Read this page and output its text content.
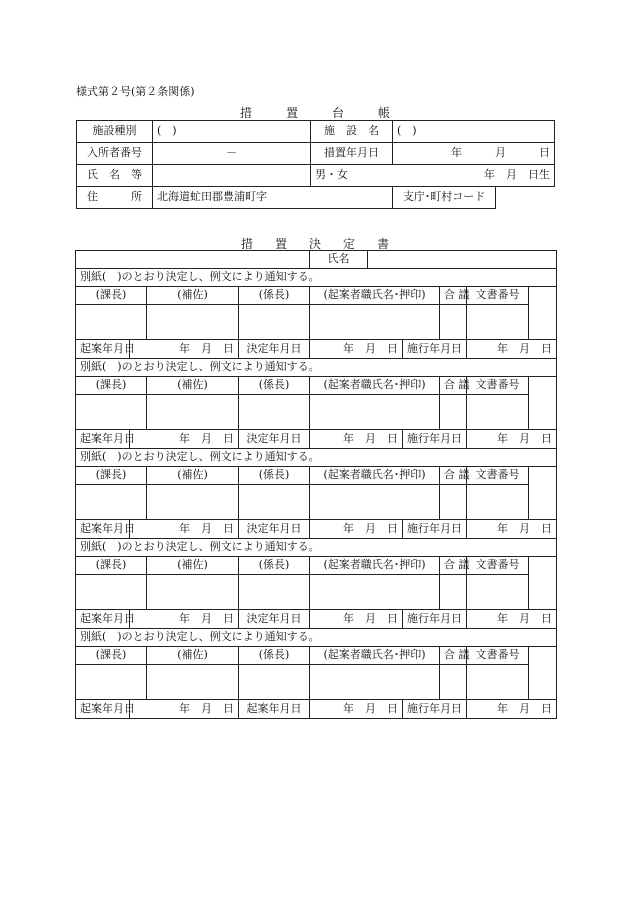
様式第２号(第２条関係)
措	置	台	帳
施設種別	(　)	施　設　名	(　)
入所者番号	－	措置年月日	年　　　月　　　日
氏　名　等		男・女 年　月　日生	

住　　　所	北海道虻田郡豊浦町字		支庁･町村コード
措 置 決 定 書
				氏名					
別紙(　)のとおり決定し、例文により通知する。									
(課長)		(補佐)	(係長)	(起案者職氏名･押印)			合 議	文書番号	

起案年月日	年　月　日		決定年月日	年　月　日		施行年月日		年　月　日	
別紙(　)のとおり決定し、例文により通知する。									
(課長)		(補佐)	(係長)	(起案者職氏名･押印)			合 議	文書番号	

起案年月日	年　月　日		決定年月日	年　月　日		施行年月日		年　月　日	
別紙(　)のとおり決定し、例文により通知する。									
(課長)		(補佐)	(係長)	(起案者職氏名･押印)			合 議	文書番号	

起案年月日	年　月　日		決定年月日	年　月　日		施行年月日		年　月　日	
別紙(　)のとおり決定し、例文により通知する。									
(課長)		(補佐)	(係長)	(起案者職氏名･押印)			合 議	文書番号	

起案年月日	年　月　日		決定年月日	年　月　日		施行年月日		年　月　日	
別紙(　)のとおり決定し、例文により通知する。									
(課長)		(補佐)	(係長)	(起案者職氏名･押印)			合 議	文書番号	

起案年月日	年　月　日		起案年月日	年　月　日		施行年月日		年　月　日	
